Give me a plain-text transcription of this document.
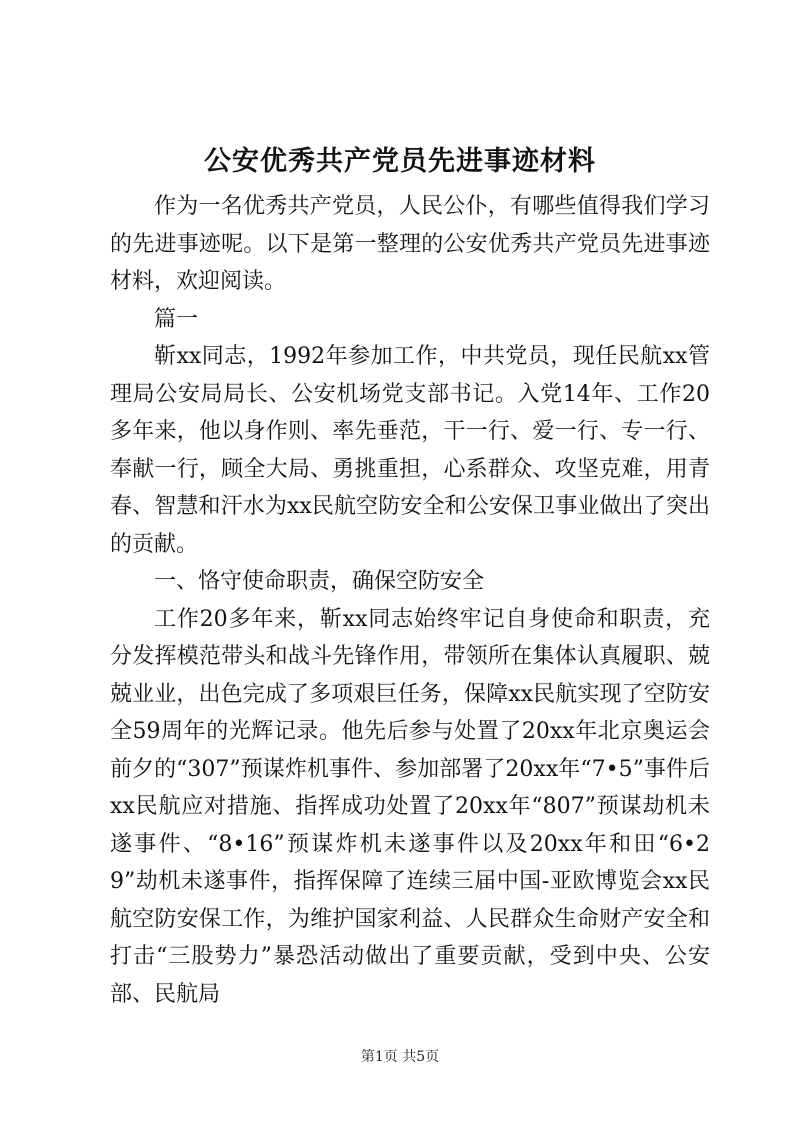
公安优秀共产党员先进事迹材料

作为一名优秀共产党员，人民公仆，有哪些值得我们学习的先进事迹呢。以下是第一整理的公安优秀共产党员先进事迹材料，欢迎阅读。

篇一

靳xx同志，1992年参加工作，中共党员，现任民航xx管理局公安局局长、公安机场党支部书记。入党14年、工作20多年来，他以身作则、率先垂范，干一行、爱一行、专一行、奉献一行，顾全大局、勇挑重担，心系群众、攻坚克难，用青春、智慧和汗水为xx民航空防安全和公安保卫事业做出了突出的贡献。

一、恪守使命职责，确保空防安全

工作20多年来，靳xx同志始终牢记自身使命和职责，充分发挥模范带头和战斗先锋作用，带领所在集体认真履职、兢兢业业，出色完成了多项艰巨任务，保障xx民航实现了空防安全59周年的光辉记录。他先后参与处置了20xx年北京奥运会前夕的“307”预谋炸机事件、参加部署了20xx年“7•5”事件后xx民航应对措施、指挥成功处置了20xx年“807”预谋劫机未遂事件、“8•16”预谋炸机未遂事件以及20xx年和田“6•29”劫机未遂事件，指挥保障了连续三届中国-亚欧博览会xx民航空防安保工作，为维护国家利益、人民群众生命财产安全和打击“三股势力”暴恐活动做出了重要贡献，受到中央、公安部、民航局

第1页 共5页
